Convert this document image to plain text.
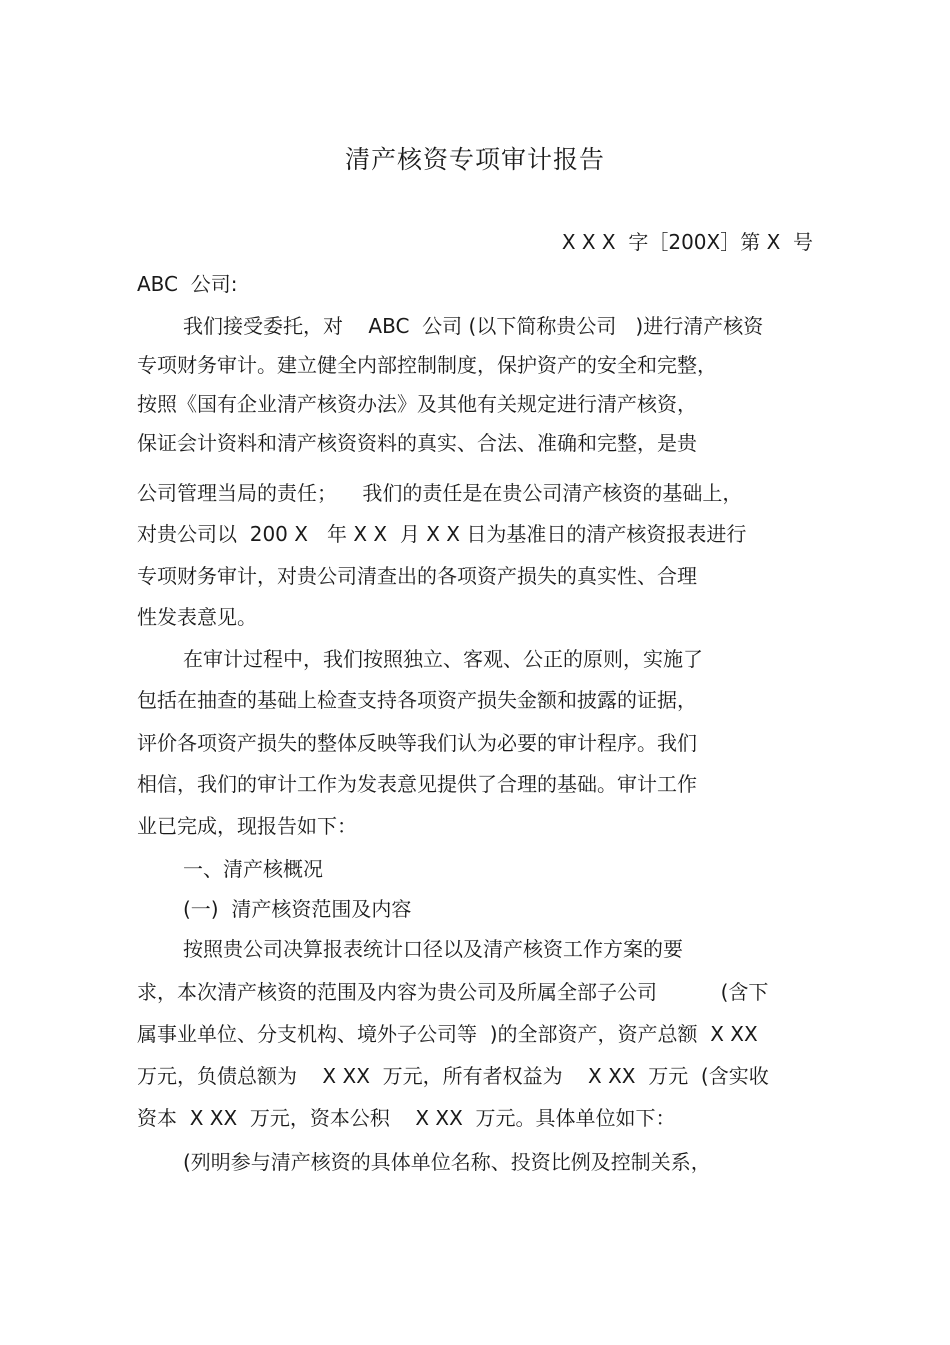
清产核资专项审计报告
X X X  字［200X］第 X  号
ABC  公司:
我们接受委托，对    ABC  公司 (以下简称贵公司   )进行清产核资
专项财务审计。建立健全内部控制制度，保护资产的安全和完整，
按照《国有企业清产核资办法》及其他有关规定进行清产核资，
保证会计资料和清产核资资料的真实、合法、准确和完整，是贵
公司管理当局的责任；    我们的责任是在贵公司清产核资的基础上，
对贵公司以  200 X   年 X X  月 X X 日为基准日的清产核资报表进行
专项财务审计，对贵公司清查出的各项资产损失的真实性、合理
性发表意见。
在审计过程中，我们按照独立、客观、公正的原则，实施了
包括在抽查的基础上检查支持各项资产损失金额和披露的证据，
评价各项资产损失的整体反映等我们认为必要的审计程序。我们
相信，我们的审计工作为发表意见提供了合理的基础。审计工作
业已完成，现报告如下：
一、清产核概况
(一)  清产核资范围及内容
按照贵公司决算报表统计口径以及清产核资工作方案的要
求，本次清产核资的范围及内容为贵公司及所属全部子公司          (含下
属事业单位、分支机构、境外子公司等  )的全部资产，资产总额  X XX
万元，负债总额为    X XX  万元，所有者权益为    X XX  万元  (含实收
资本  X XX  万元，资本公积    X XX  万元。具体单位如下：
(列明参与清产核资的具体单位名称、投资比例及控制关系，
